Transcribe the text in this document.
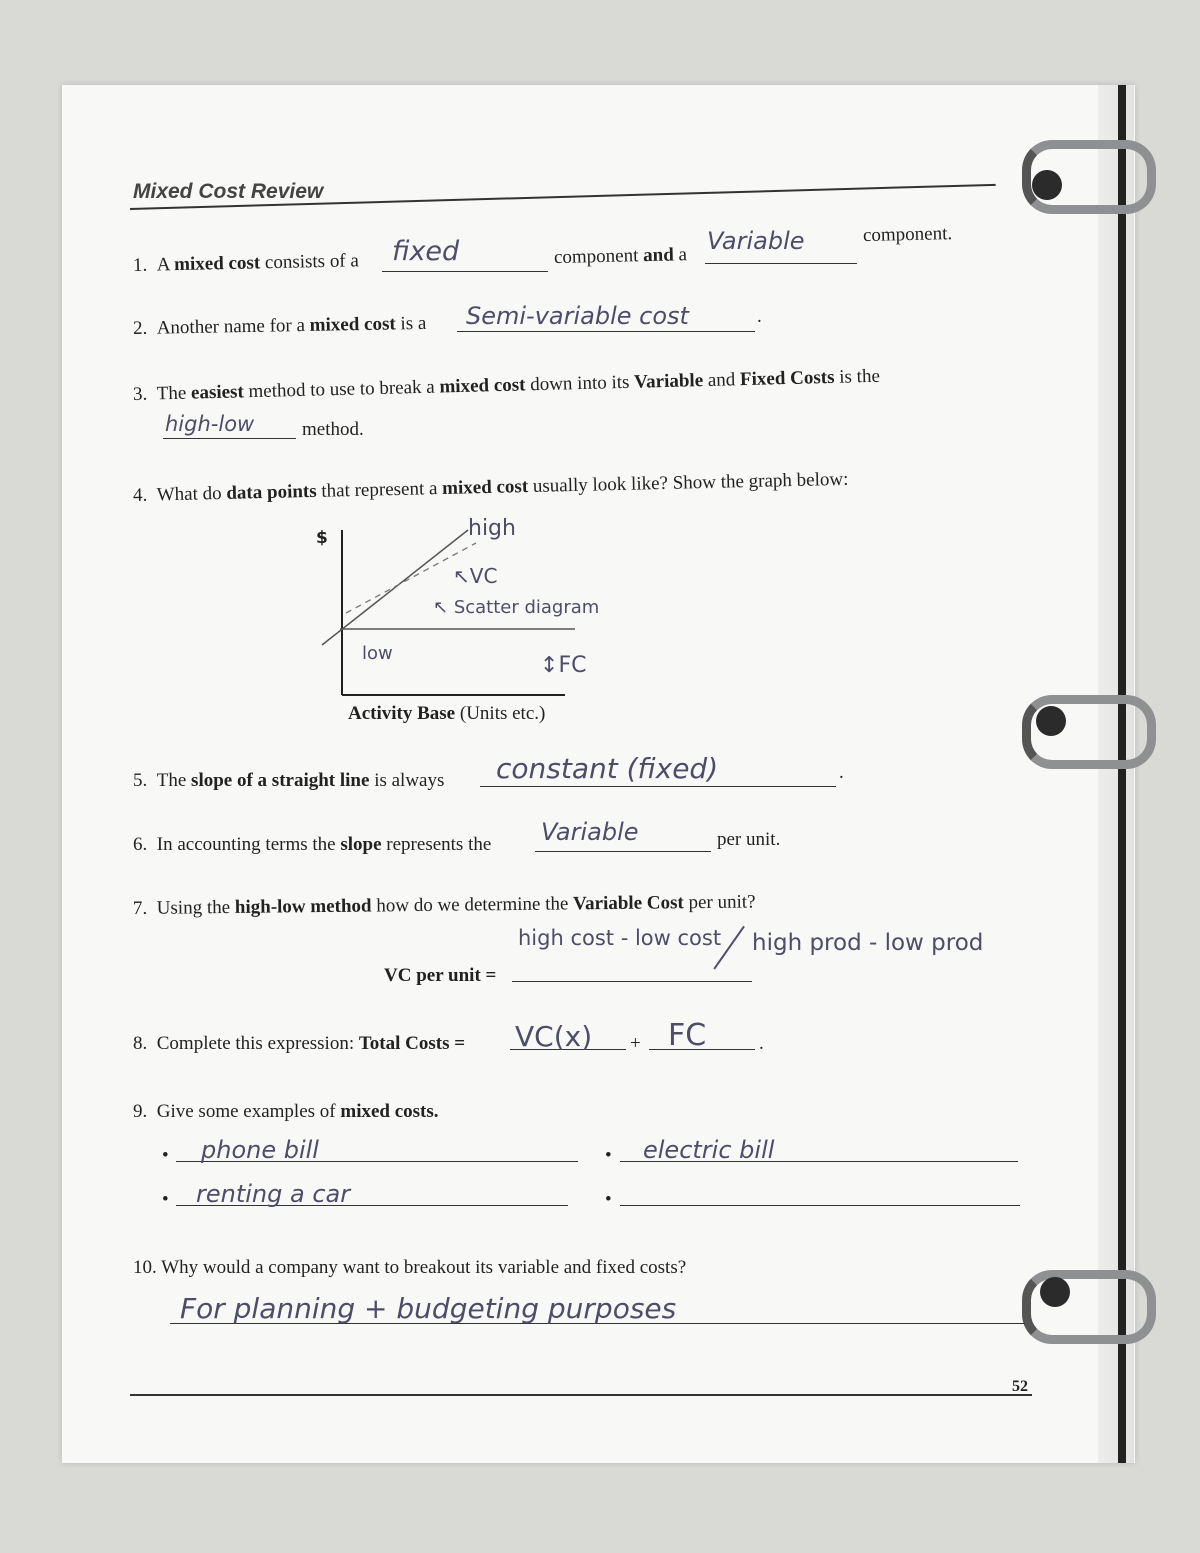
Mixed Cost Review
1. A mixed cost consists of a fixed	component and a Variable	component.
2. Another name for a mixed cost is a Semi-variable cost	.
3. The easiest method to use to break a mixed cost down into its Variable and Fixed Costs is the
high-low	method.
4. What do data points that represent a mixed cost usually look like? Show the graph below:
$	high
↖VC
↖ Scatter diagram
low	↕FC
Activity Base (Units etc.)
5. The slope of a straight line is always constant (fixed)	.
6. In accounting terms the slope represents the Variable	per unit.
7. Using the high-low method how do we determine the Variable Cost per unit?
high cost - low cost high prod - low prod
VC per unit =
8. Complete this expression: Total Costs = VC(x) + FC	.
9. Give some examples of mixed costs.
• phone bill	• electric bill
• renting a car	•
10. Why would a company want to breakout its variable and fixed costs?
For planning + budgeting purposes
52
